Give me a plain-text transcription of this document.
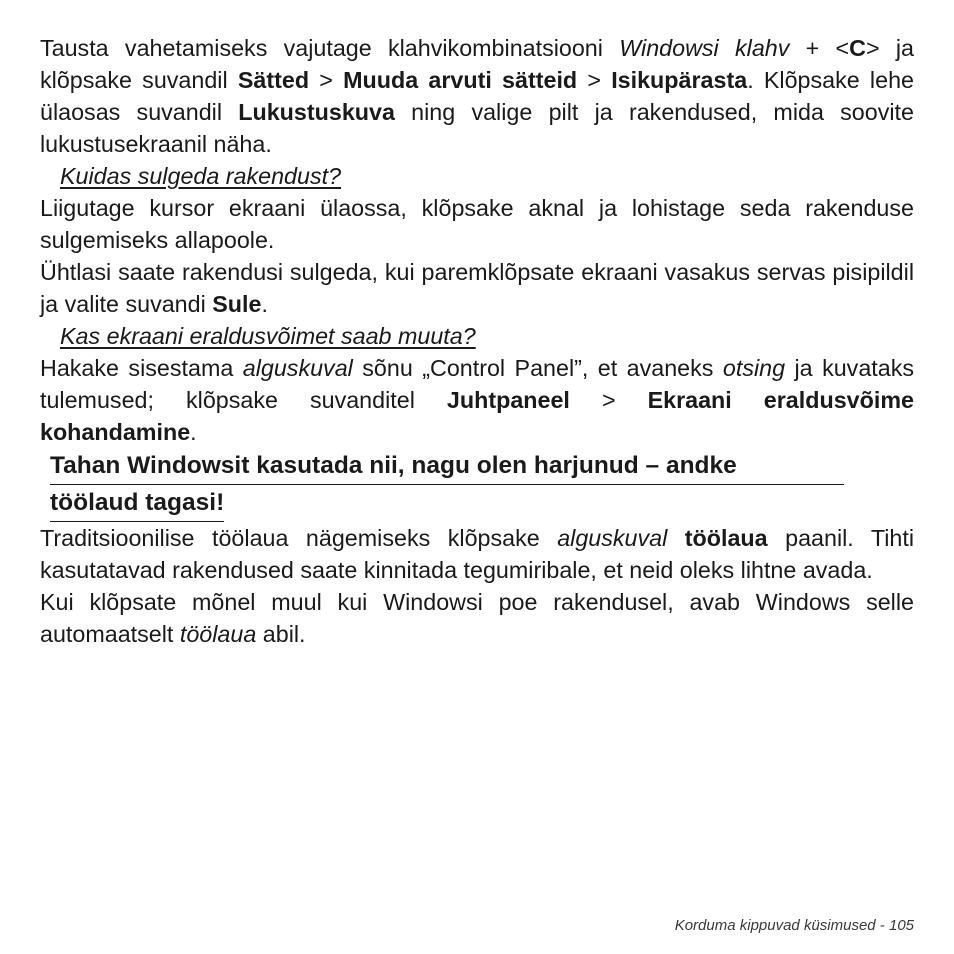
Tausta vahetamiseks vajutage klahvikombinatsiooni Windowsi klahv + <C> ja klõpsake suvandil Sätted > Muuda arvuti sätteid > Isikupärasta. Klõpsake lehe ülaosas suvandil Lukustuskuva ning valige pilt ja rakendused, mida soovite lukustusekraanil näha.

Kuidas sulgeda rakendust?

Liigutage kursor ekraani ülaossa, klõpsake aknal ja lohistage seda rakenduse sulgemiseks allapoole.

Ühtlasi saate rakendusi sulgeda, kui paremklõpsate ekraani vasakus servas pisipildil ja valite suvandi Sule.

Kas ekraani eraldusvõimet saab muuta?

Hakake sisestama alguskuval sõnu „Control Panel”, et avaneks otsing ja kuvataks tulemused; klõpsake suvanditel Juhtpaneel > Ekraani eraldusvõime kohandamine.

Tahan Windowsit kasutada nii, nagu olen harjunud – andke
töölaud tagasi!

Traditsioonilise töölaua nägemiseks klõpsake alguskuval töölaua paanil. Tihti kasutatavad rakendused saate kinnitada tegumiribale, et neid oleks lihtne avada.

Kui klõpsate mõnel muul kui Windowsi poe rakendusel, avab Windows selle automaatselt töölaua abil.

Korduma kippuvad küsimused - 105
